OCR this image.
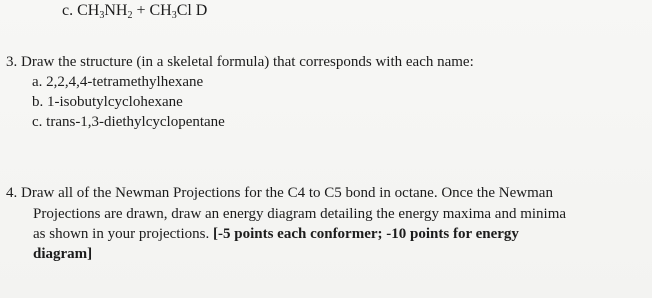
c. $CH_3NH_2 + CH_3Cl$ D
3. Draw the structure (in a skeletal formula) that corresponds with each name:
a. 2,2,4,4-tetramethylhexane
b. 1-isobutylcyclohexane
c. trans-1,3-diethylcyclopentane
4. Draw all of the Newman Projections for the C4 to C5 bond in octane. Once the Newman
Projections are drawn, draw an energy diagram detailing the energy maxima and minima
as shown in your projections. [-5 points each conformer; -10 points for energy
diagram]
